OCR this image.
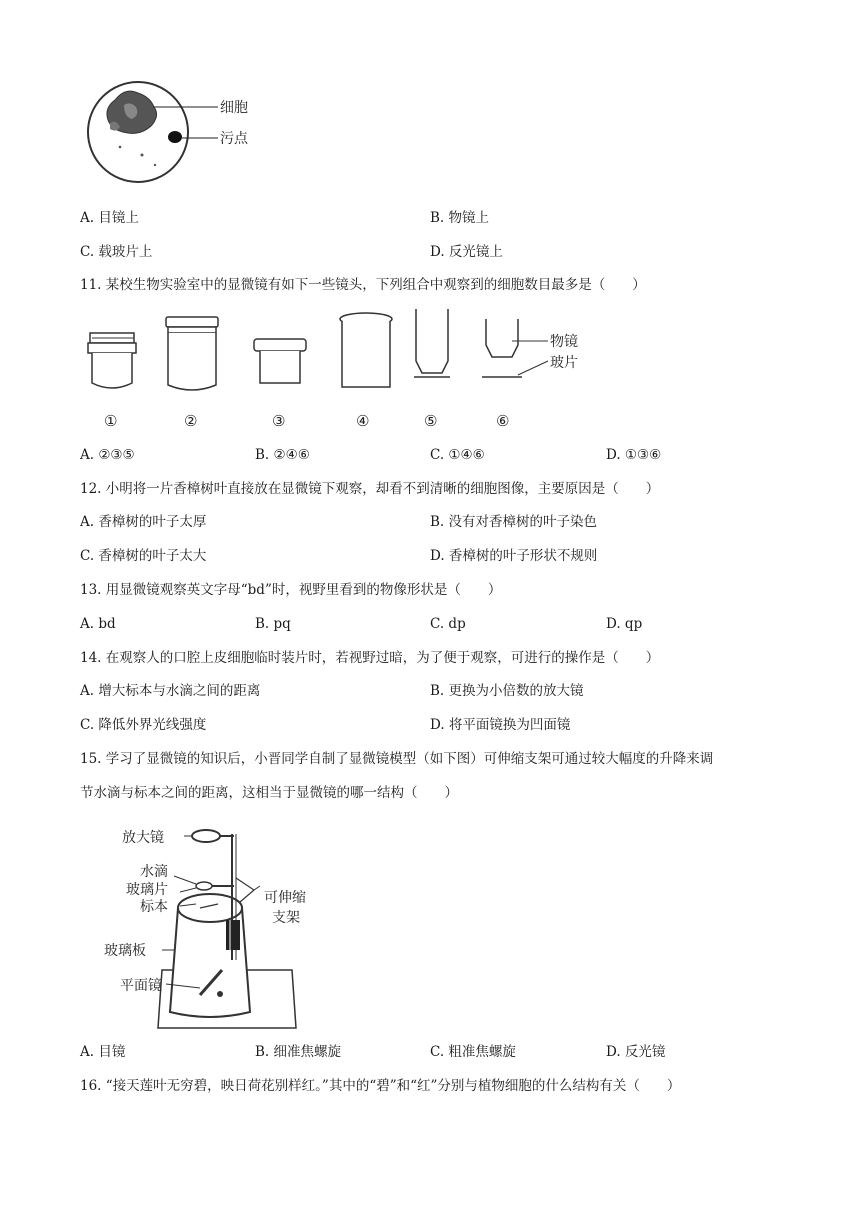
细胞
污点
A. 目镜上	B. 物镜上
C. 载玻片上	D. 反光镜上
11. 某校生物实验室中的显微镜有如下一些镜头，下列组合中观察到的细胞数目最多是（　　）
物镜
玻片
①	②	③	④	⑤	⑥
A. ②③⑤	B. ②④⑥	C. ①④⑥	D. ①③⑥
12. 小明将一片香樟树叶直接放在显微镜下观察，却看不到清晰的细胞图像，主要原因是（　　）
A. 香樟树的叶子太厚	B. 没有对香樟树的叶子染色
C. 香樟树的叶子太大	D. 香樟树的叶子形状不规则
13. 用显微镜观察英文字母“bd”时，视野里看到的物像形状是（　　）
A. bd	B. pq	C. dp	D. qp
14. 在观察人的口腔上皮细胞临时装片时，若视野过暗，为了便于观察，可进行的操作是（　　）
A. 增大标本与水滴之间的距离	B. 更换为小倍数的放大镜
C. 降低外界光线强度	D. 将平面镜换为凹面镜
15. 学习了显微镜的知识后，小晋同学自制了显微镜模型（如下图）可伸缩支架可通过较大幅度的升降来调
节水滴与标本之间的距离，这相当于显微镜的哪一结构（　　）
放大镜
水滴
玻璃片
标本
玻璃板
平面镜
可伸缩
支架
A. 目镜	B. 细准焦螺旋	C. 粗准焦螺旋	D. 反光镜
16. “接天莲叶无穷碧，映日荷花别样红。”其中的“碧”和“红”分别与植物细胞的什么结构有关（　　）
